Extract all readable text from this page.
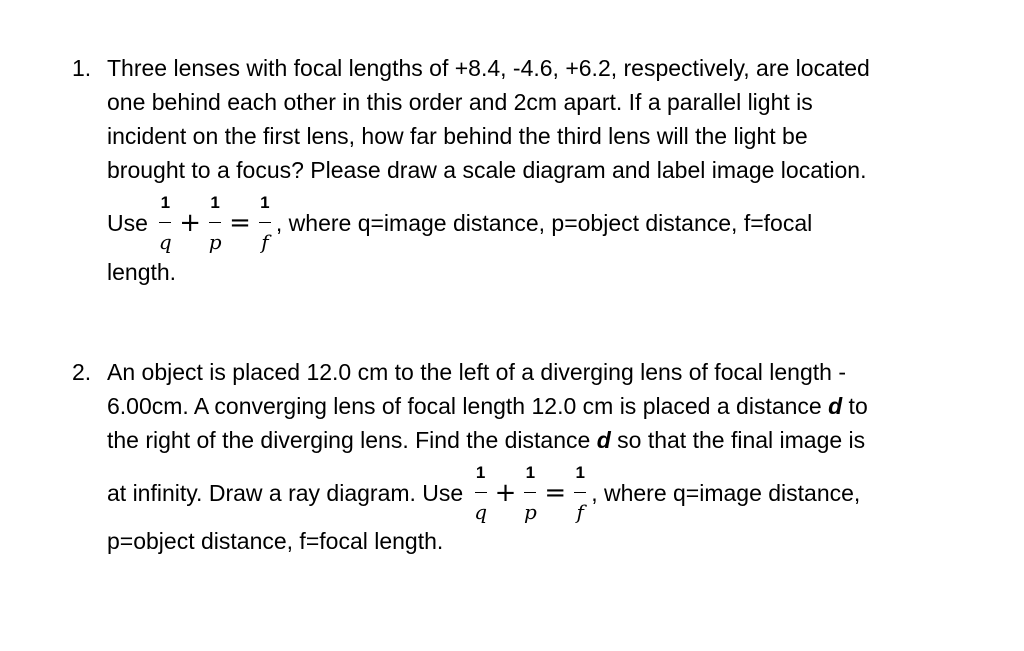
1. Three lenses with focal lengths of +8.4, -4.6, +6.2, respectively, are located
one behind each other in this order and 2cm apart. If a parallel light is
incident on the first lens, how far behind the third lens will the light be
brought to a focus? Please draw a scale diagram and label image location.
Use $\frac{1}{q} + \frac{1}{p} = \frac{1}{f}$ , where q=image distance, p=object distance, f=focal
length.
2. An object is placed 12.0 cm to the left of a diverging lens of focal length -
6.00cm. A converging lens of focal length 12.0 cm is placed a distance d to
the right of the diverging lens. Find the distance d so that the final image is
at infinity. Draw a ray diagram. Use $\frac{1}{q} + \frac{1}{p} = \frac{1}{f}$ , where q=image distance,
p=object distance, f=focal length.
